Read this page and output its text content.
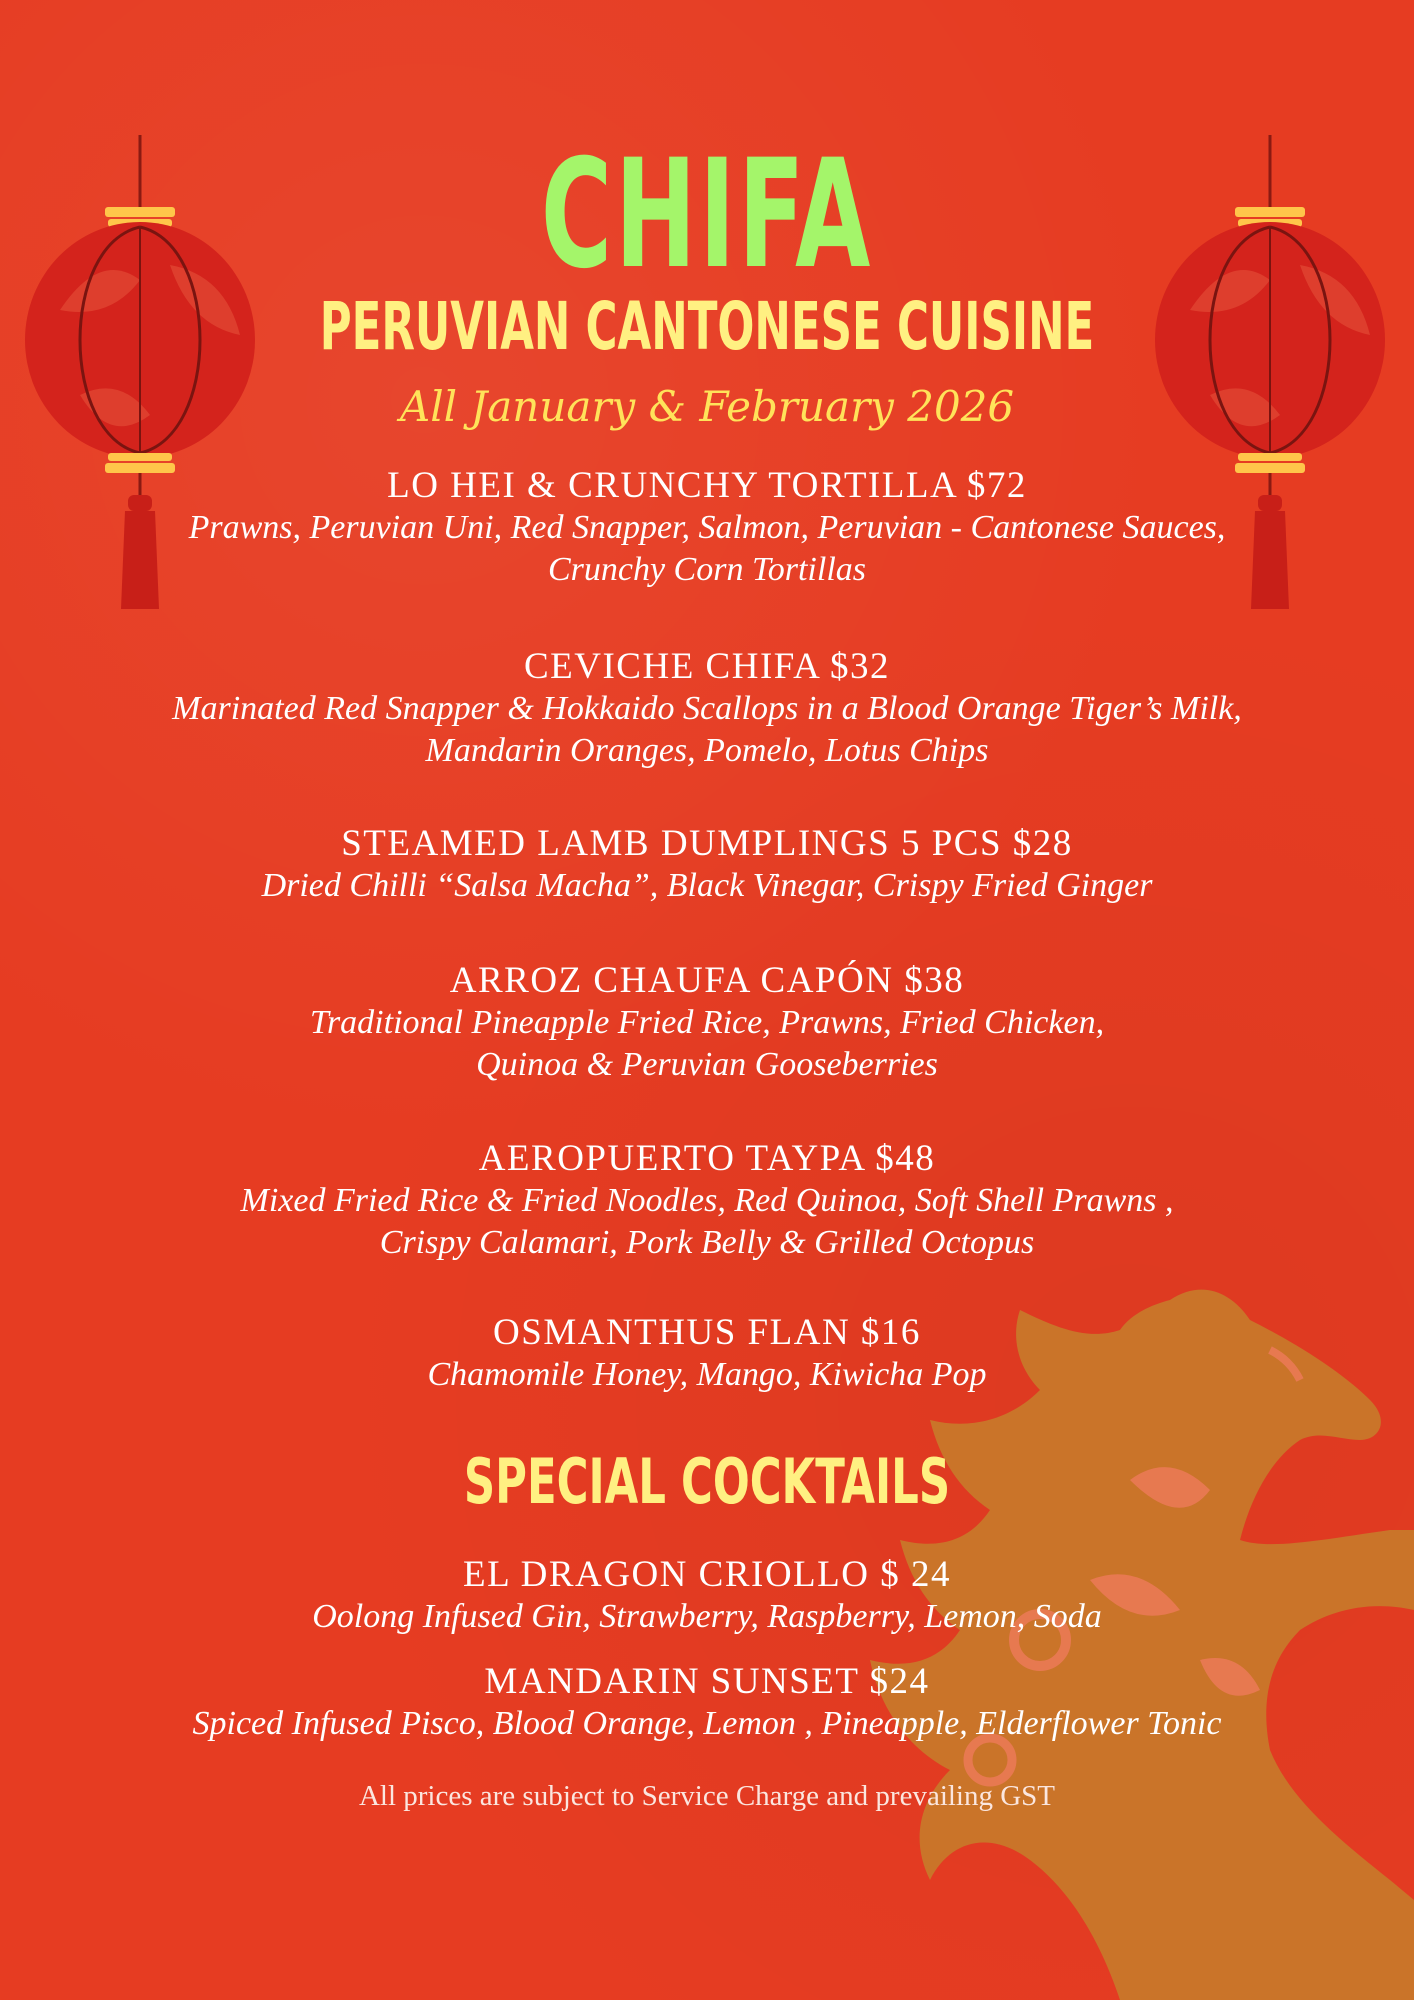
CHIFA
PERUVIAN CANTONESE CUISINE
All January & February 2026
LO HEI & CRUNCHY TORTILLA $72
Prawns, Peruvian Uni, Red Snapper, Salmon, Peruvian - Cantonese Sauces,
Crunchy Corn Tortillas
CEVICHE CHIFA $32
Marinated Red Snapper & Hokkaido Scallops in a Blood Orange Tiger’s Milk,
Mandarin Oranges, Pomelo, Lotus Chips
STEAMED LAMB DUMPLINGS 5 PCS $28
Dried Chilli “Salsa Macha”, Black Vinegar, Crispy Fried Ginger
ARROZ CHAUFA CAPÓN $38
Traditional Pineapple Fried Rice, Prawns, Fried Chicken,
Quinoa & Peruvian Gooseberries
AEROPUERTO TAYPA $48
Mixed Fried Rice & Fried Noodles, Red Quinoa, Soft Shell Prawns ,
Crispy Calamari, Pork Belly & Grilled Octopus
OSMANTHUS FLAN $16
Chamomile Honey, Mango, Kiwicha Pop
SPECIAL COCKTAILS
EL DRAGON CRIOLLO $ 24
Oolong Infused Gin, Strawberry, Raspberry, Lemon, Soda
MANDARIN SUNSET $24
Spiced Infused Pisco, Blood Orange, Lemon , Pineapple, Elderflower Tonic
All prices are subject to Service Charge and prevailing GST
